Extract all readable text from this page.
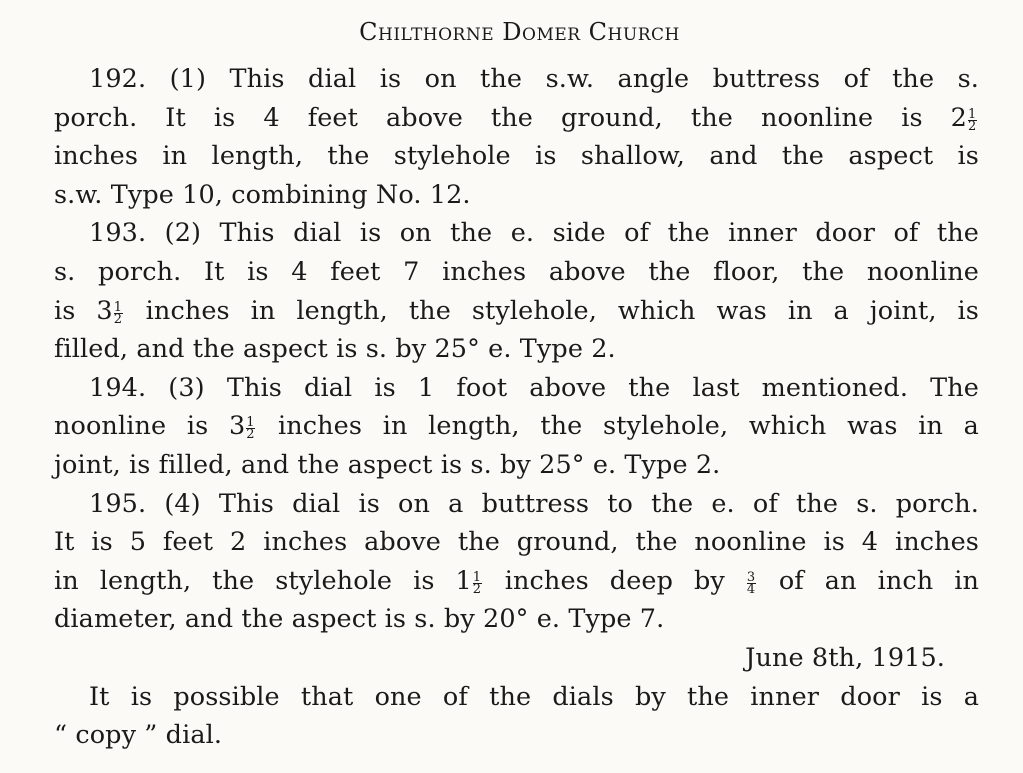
Chilthorne Domer Church
192. (1) This dial is on the s.w. angle buttress of the s.
porch. It is 4 feet above the ground, the noonline is $2 \frac{1}{2}$
inches in length, the stylehole is shallow, and the aspect is
s.w. Type 10, combining No. 12.
193. (2) This dial is on the e. side of the inner door of the
s. porch. It is 4 feet 7 inches above the floor, the noonline
is $3 \frac{1}{2}$ inches in length, the stylehole, which was in a joint, is
filled, and the aspect is s. by 25° e. Type 2.
194. (3) This dial is 1 foot above the last mentioned. The
noonline is $3 \frac{1}{2}$ inches in length, the stylehole, which was in a
joint, is filled, and the aspect is s. by 25° e. Type 2.
195. (4) This dial is on a buttress to the e. of the s. porch.
It is 5 feet 2 inches above the ground, the noonline is 4 inches
in length, the stylehole is $1 \frac{1}{2}$ inches deep by $\frac{3}{4}$ of an inch in
diameter, and the aspect is s. by 20° e. Type 7.
June 8th, 1915.
It is possible that one of the dials by the inner door is a
“ copy ” dial.
